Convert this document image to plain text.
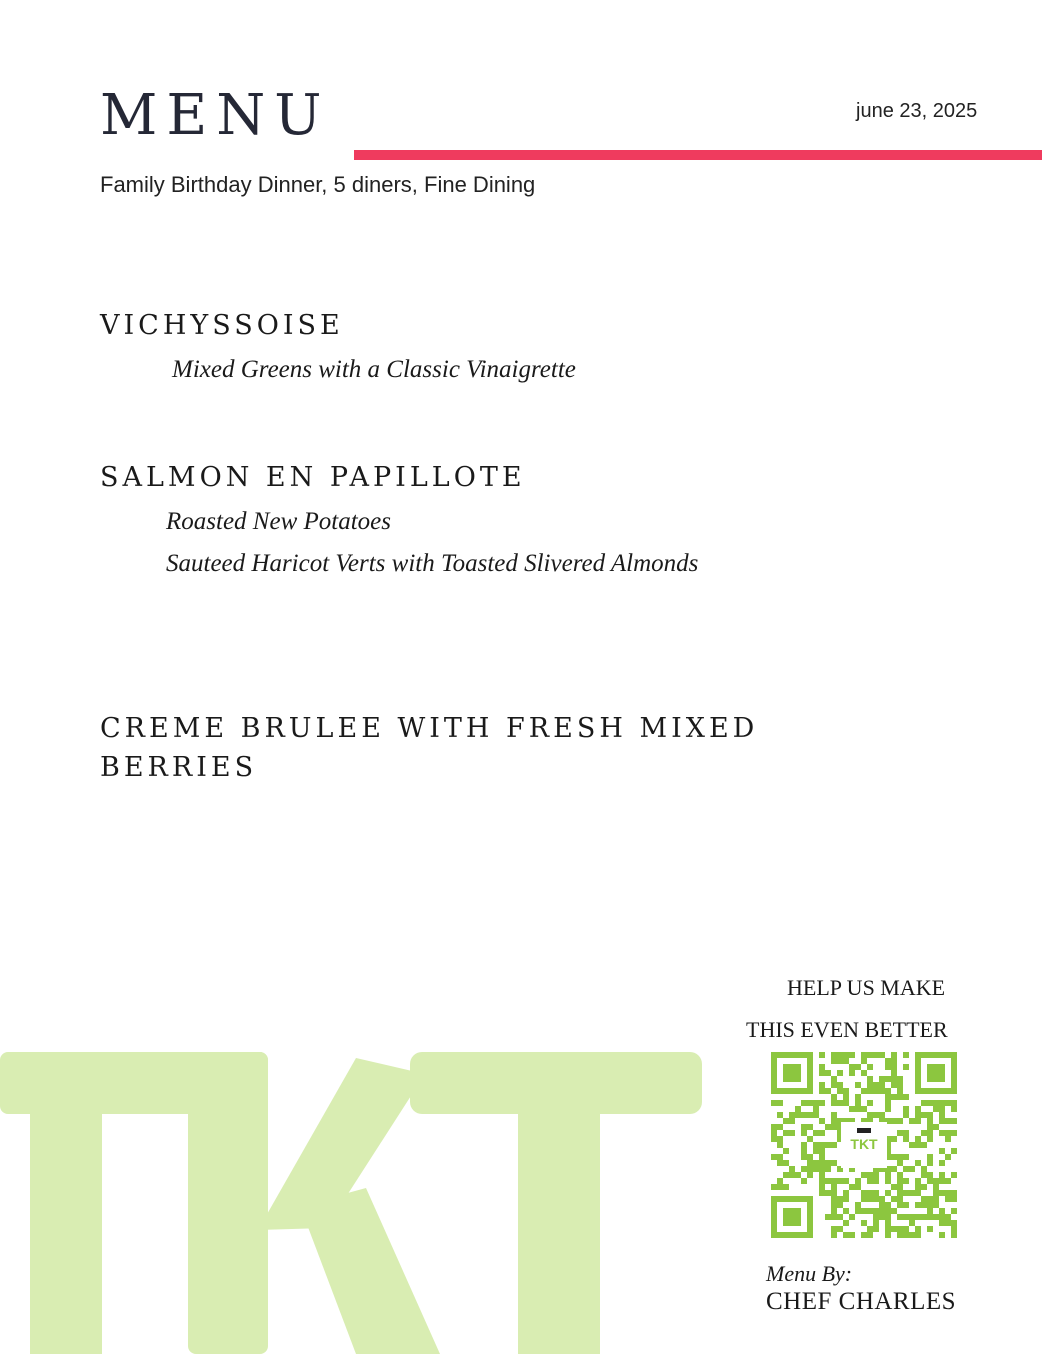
MENU	june 23, 2025
Family Birthday Dinner, 5 diners, Fine Dining
VICHYSSOISE

Mixed Greens with a Classic Vinaigrette

SALMON EN PAPILLOTE

Roasted New Potatoes

Sauteed Haricot Verts with Toasted Slivered Almonds

CREME BRULEE WITH FRESH MIXED BERRIES
HELP US MAKE
THIS EVEN BETTER
TKT
Menu By:
CHEF CHARLES
